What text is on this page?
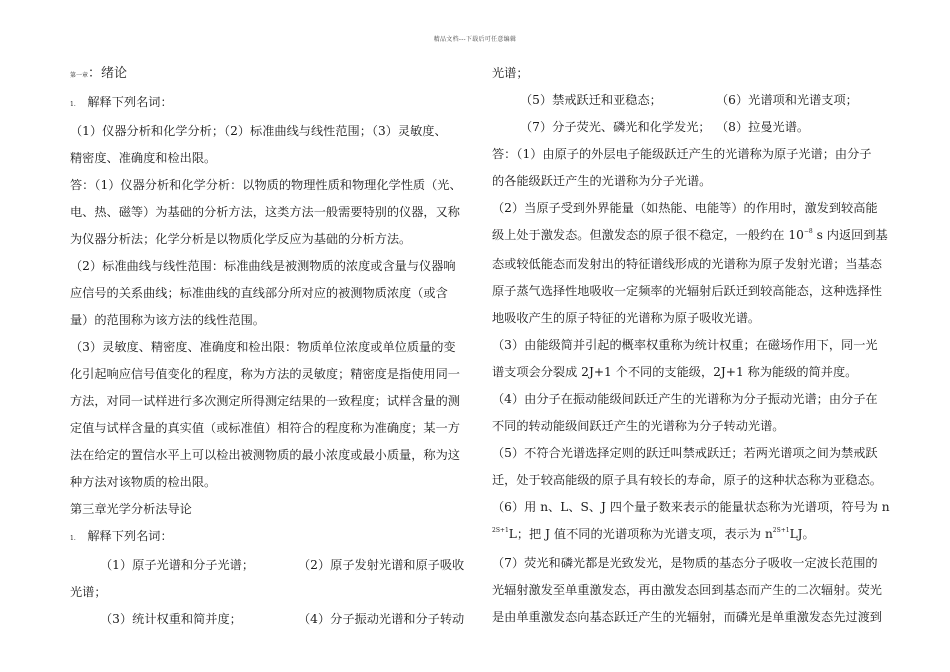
精品文档---下载后可任意编辑
第一章：绪论
1. 解释下列名词：
（1）仪器分析和化学分析；（2）标准曲线与线性范围；（3）灵敏度、
精密度、准确度和检出限。
答：（1）仪器分析和化学分析：以物质的物理性质和物理化学性质（光、
电、热、磁等）为基础的分析方法，这类方法一般需要特别的仪器，又称
为仪器分析法；化学分析是以物质化学反应为基础的分析方法。
（2）标准曲线与线性范围：标准曲线是被测物质的浓度或含量与仪器响
应信号的关系曲线；标准曲线的直线部分所对应的被测物质浓度（或含
量）的范围称为该方法的线性范围。
（3）灵敏度、精密度、准确度和检出限：物质单位浓度或单位质量的变
化引起响应信号值变化的程度，称为方法的灵敏度；精密度是指使用同一
方法，对同一试样进行多次测定所得测定结果的一致程度；试样含量的测
定值与试样含量的真实值（或标准值）相符合的程度称为准确度；某一方
法在给定的置信水平上可以检出被测物质的最小浓度或最小质量，称为这
种方法对该物质的检出限。
第三章光学分析法导论
1. 解释下列名词：
（1）原子光谱和分子光谱；	（2）原子发射光谱和原子吸收
光谱；
（3）统计权重和简并度；	（4）分子振动光谱和分子转动
光谱；
（5）禁戒跃迁和亚稳态；	（6）光谱项和光谱支项；
（7）分子荧光、磷光和化学发光； （8）拉曼光谱。
答：（1）由原子的外层电子能级跃迁产生的光谱称为原子光谱；由分子
的各能级跃迁产生的光谱称为分子光谱。
（2）当原子受到外界能量（如热能、电能等）的作用时，激发到较高能
级上处于激发态。但激发态的原子很不稳定，一般约在 $10^{-8}$ s 内返回到基
态或较低能态而发射出的特征谱线形成的光谱称为原子发射光谱；当基态
原子蒸气选择性地吸收一定频率的光辐射后跃迁到较高能态，这种选择性
地吸收产生的原子特征的光谱称为原子吸收光谱。
（3）由能级简并引起的概率权重称为统计权重；在磁场作用下，同一光
谱支项会分裂成 2J+1 个不同的支能级，2J+1 称为能级的简并度。
（4）由分子在振动能级间跃迁产生的光谱称为分子振动光谱；由分子在
不同的转动能级间跃迁产生的光谱称为分子转动光谱。
（5）不符合光谱选择定则的跃迁叫禁戒跃迁；若两光谱项之间为禁戒跃
迁，处于较高能级的原子具有较长的寿命，原子的这种状态称为亚稳态。
（6）用 n、L、S、J 四个量子数来表示的能量状态称为光谱项，符号为 n
$^{2S+1}$L；把 J 值不同的光谱项称为光谱支项，表示为 $n^{2S+1}LJ$。
（7）荧光和磷光都是光致发光，是物质的基态分子吸收一定波长范围的
光辐射激发至单重激发态，再由激发态回到基态而产生的二次辐射。荧光
是由单重激发态向基态跃迁产生的光辐射，而磷光是单重激发态先过渡到
